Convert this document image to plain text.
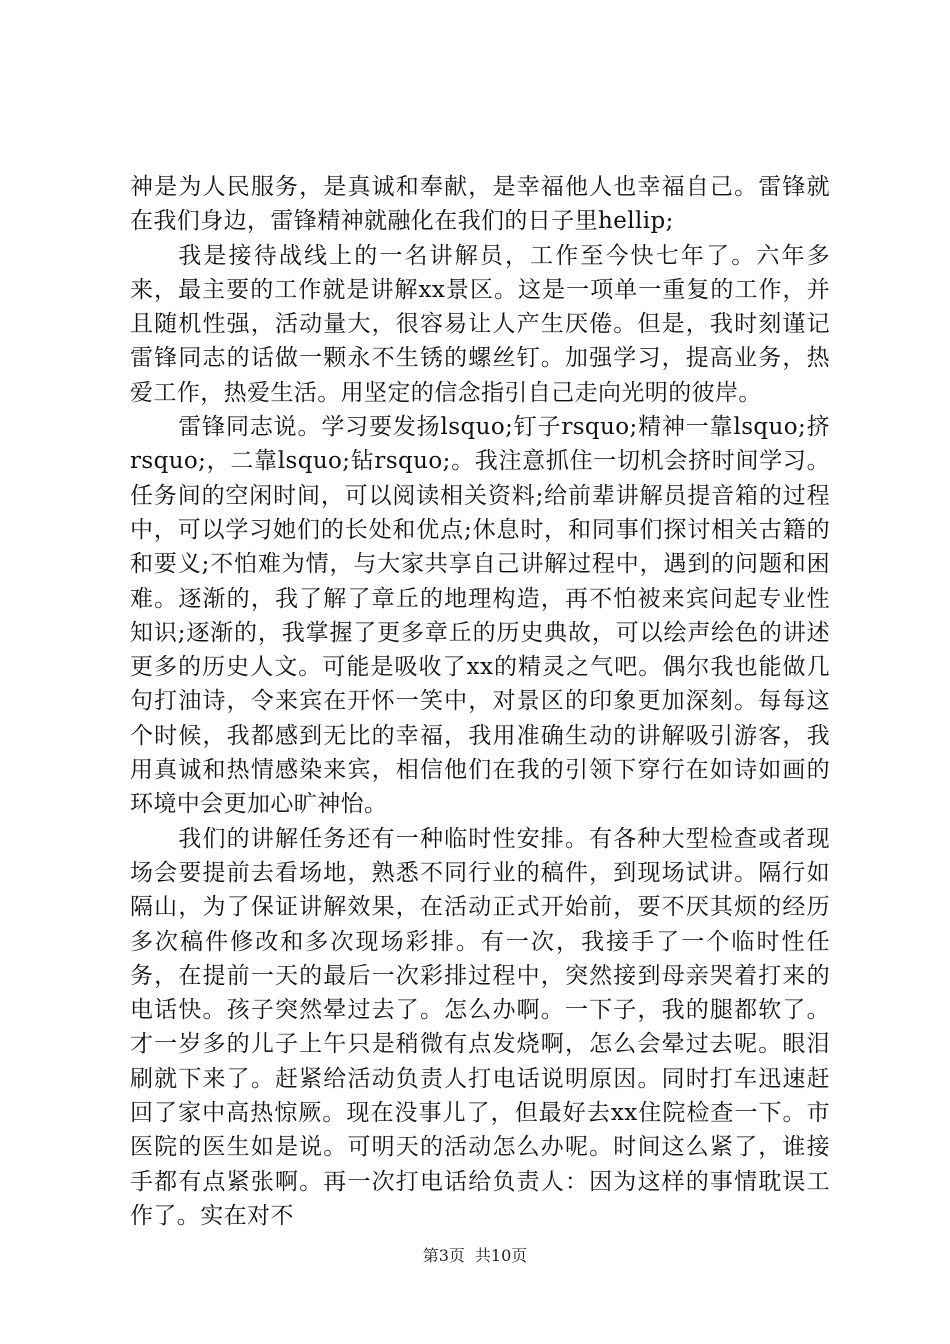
神是为人民服务，是真诚和奉献，是幸福他人也幸福自己。雷锋就在我们身边，雷锋精神就融化在我们的日子里hellip;

我是接待战线上的一名讲解员，工作至今快七年了。六年多来，最主要的工作就是讲解xx景区。这是一项单一重复的工作，并且随机性强，活动量大，很容易让人产生厌倦。但是，我时刻谨记雷锋同志的话做一颗永不生锈的螺丝钉。加强学习，提高业务，热爱工作，热爱生活。用坚定的信念指引自己走向光明的彼岸。

雷锋同志说。学习要发扬lsquo;钉子rsquo;精神一靠lsquo;挤rsquo;，二靠lsquo;钻rsquo;。我注意抓住一切机会挤时间学习。任务间的空闲时间，可以阅读相关资料;给前辈讲解员提音箱的过程中，可以学习她们的长处和优点;休息时，和同事们探讨相关古籍的和要义;不怕难为情，与大家共享自己讲解过程中，遇到的问题和困难。逐渐的，我了解了章丘的地理构造，再不怕被来宾问起专业性知识;逐渐的，我掌握了更多章丘的历史典故，可以绘声绘色的讲述更多的历史人文。可能是吸收了xx的精灵之气吧。偶尔我也能做几句打油诗，令来宾在开怀一笑中，对景区的印象更加深刻。每每这个时候，我都感到无比的幸福，我用准确生动的讲解吸引游客，我用真诚和热情感染来宾，相信他们在我的引领下穿行在如诗如画的环境中会更加心旷神怡。

我们的讲解任务还有一种临时性安排。有各种大型检查或者现场会要提前去看场地，熟悉不同行业的稿件，到现场试讲。隔行如隔山，为了保证讲解效果，在活动正式开始前，要不厌其烦的经历多次稿件修改和多次现场彩排。有一次，我接手了一个临时性任务，在提前一天的最后一次彩排过程中，突然接到母亲哭着打来的电话快。孩子突然晕过去了。怎么办啊。一下子，我的腿都软了。才一岁多的儿子上午只是稍微有点发烧啊，怎么会晕过去呢。眼泪刷就下来了。赶紧给活动负责人打电话说明原因。同时打车迅速赶回了家中高热惊厥。现在没事儿了，但最好去xx住院检查一下。市医院的医生如是说。可明天的活动怎么办呢。时间这么紧了，谁接手都有点紧张啊。再一次打电话给负责人：因为这样的事情耽误工作了。实在对不

第3页 共10页
